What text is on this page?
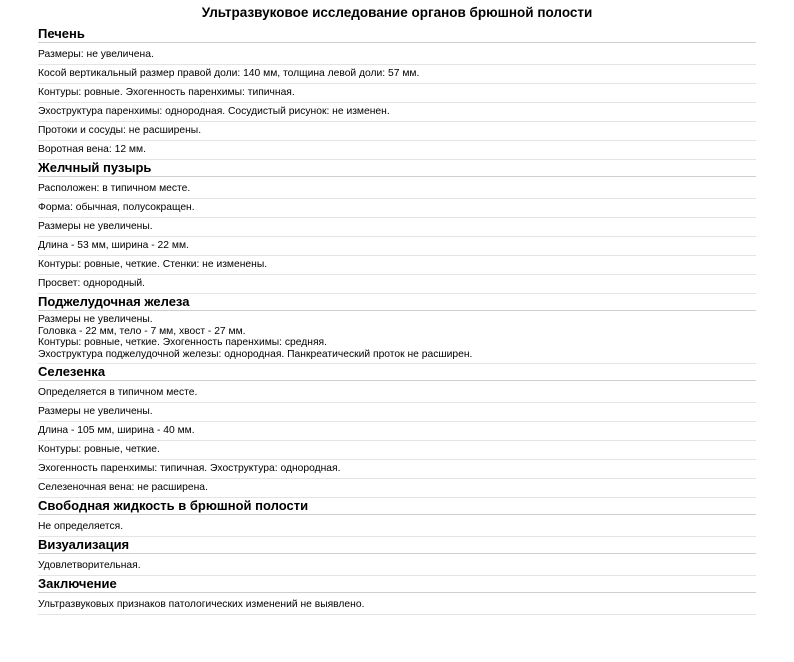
Ультразвуковое исследование органов брюшной полости
Печень
Размеры: не увеличена.
Косой вертикальный размер правой доли: 140 мм, толщина левой доли: 57 мм.
Контуры: ровные. Эхогенность паренхимы: типичная.
Эхоструктура паренхимы: однородная. Сосудистый рисунок: не изменен.
Протоки и сосуды: не расширены.
Воротная вена: 12 мм.
Желчный пузырь
Расположен: в типичном месте.
Форма: обычная, полусокращен.
Размеры не увеличены.
Длина - 53 мм, ширина - 22 мм.
Контуры: ровные, четкие. Стенки: не изменены.
Просвет: однородный.
Поджелудочная железа
Размеры не увеличены.
Головка - 22 мм, тело - 7 мм, хвост - 27 мм.
Контуры: ровные, четкие. Эхогенность паренхимы: средняя.
Эхоструктура поджелудочной железы: однородная. Панкреатический проток не расширен.
Селезенка
Определяется в типичном месте.
Размеры не увеличены.
Длина - 105 мм, ширина - 40 мм.
Контуры: ровные, четкие.
Эхогенность паренхимы: типичная. Эхоструктура: однородная.
Селезеночная вена: не расширена.
Свободная жидкость в брюшной полости
Не определяется.
Визуализация
Удовлетворительная.
Заключение
Ультразвуковых признаков патологических изменений не выявлено.
